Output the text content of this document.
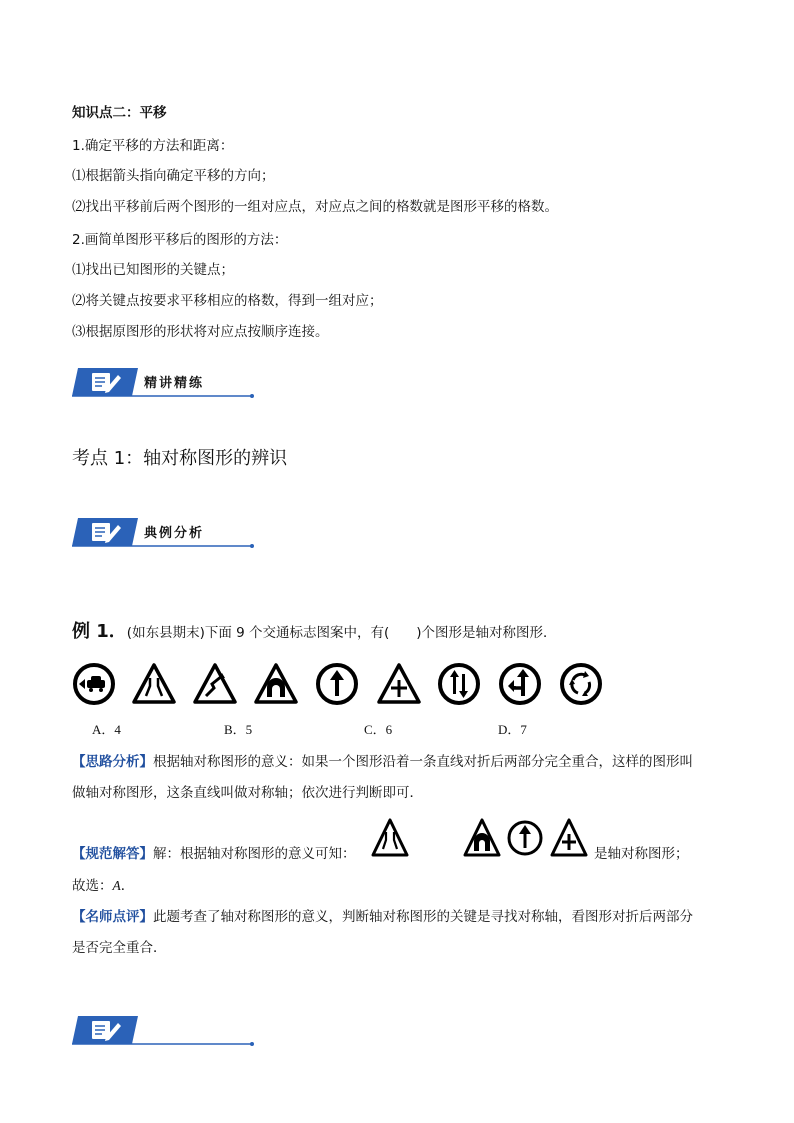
知识点二：平移
1.确定平移的方法和距离：
⑴根据箭头指向确定平移的方向；
⑵找出平移前后两个图形的一组对应点，对应点之间的格数就是图形平移的格数。
2.画简单图形平移后的图形的方法：
⑴找出已知图形的关键点；
⑵将关键点按要求平移相应的格数，得到一组对应；
⑶根据原图形的形状将对应点按顺序连接。
精讲精练
考点 1：轴对称图形的辨识
典例分析
例 1．(如东县期末)下面 9 个交通标志图案中，有(　　)个图形是轴对称图形．
A．4	B．5	C．6	D．7
【思路分析】根据轴对称图形的意义：如果一个图形沿着一条直线对折后两部分完全重合，这样的图形叫
做轴对称图形，这条直线叫做对称轴；依次进行判断即可．
【规范解答】解：根据轴对称图形的意义可知：	是轴对称图形；
故选：A．
【名师点评】此题考查了轴对称图形的意义，判断轴对称图形的关键是寻找对称轴，看图形对折后两部分
是否完全重合．
